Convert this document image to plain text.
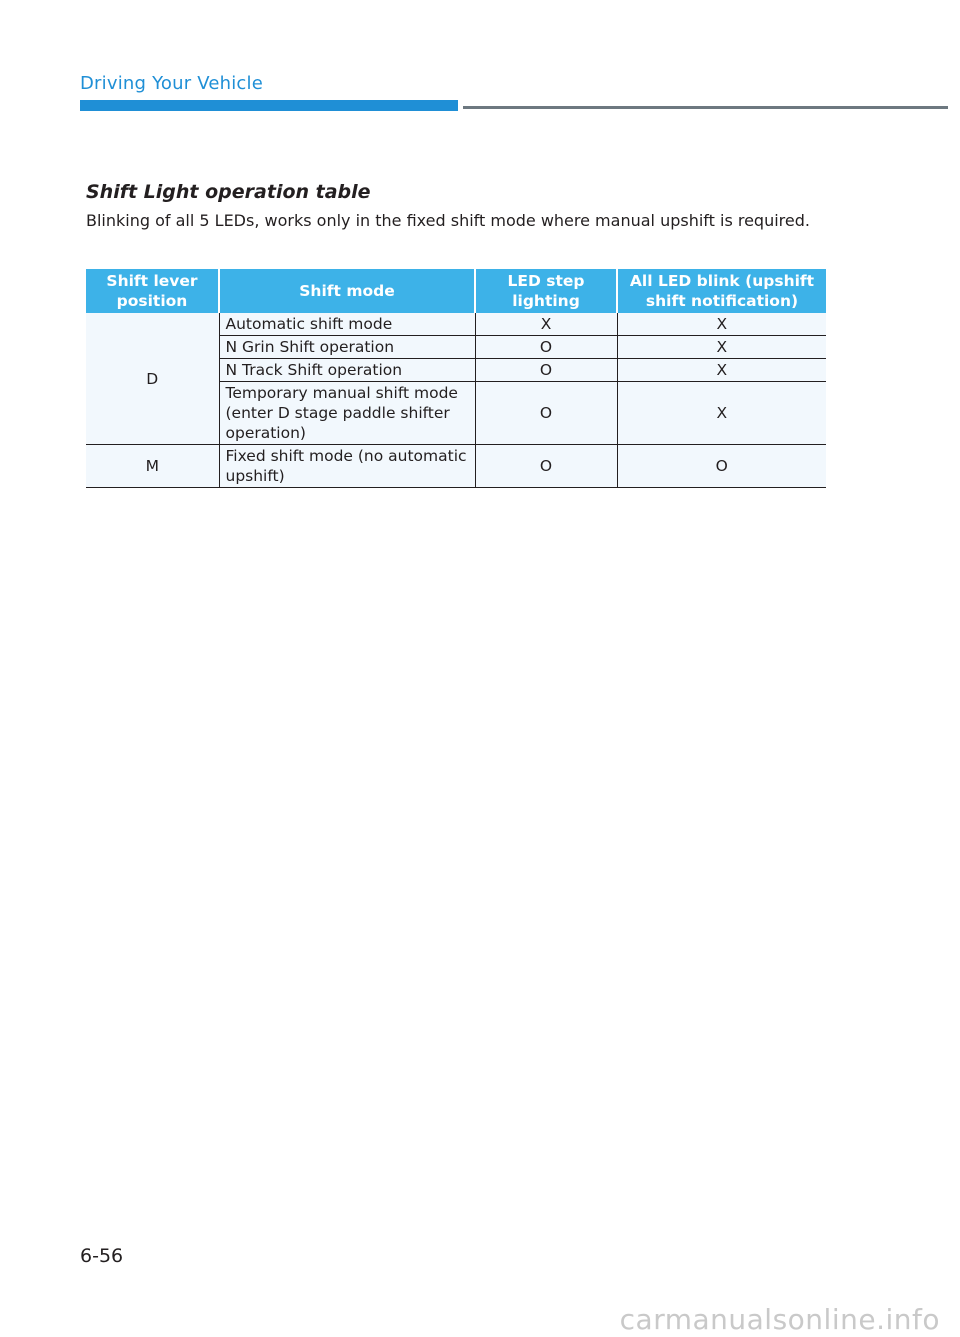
Driving Your Vehicle
Shift Light operation table
Blinking of all 5 LEDs, works only in the fixed shift mode where manual upshift is required.
Shift lever position	Shift mode	LED step lighting	All LED blink (upshift shift notification)
D	Automatic shift mode	X	X
	N Grin Shift operation	O	X
	N Track Shift operation	O	X
	Temporary manual shift mode (enter D stage paddle shifter operation)	O	X
M	Fixed shift mode (no automatic upshift)	O	O
6-56
carmanualsonline.info
